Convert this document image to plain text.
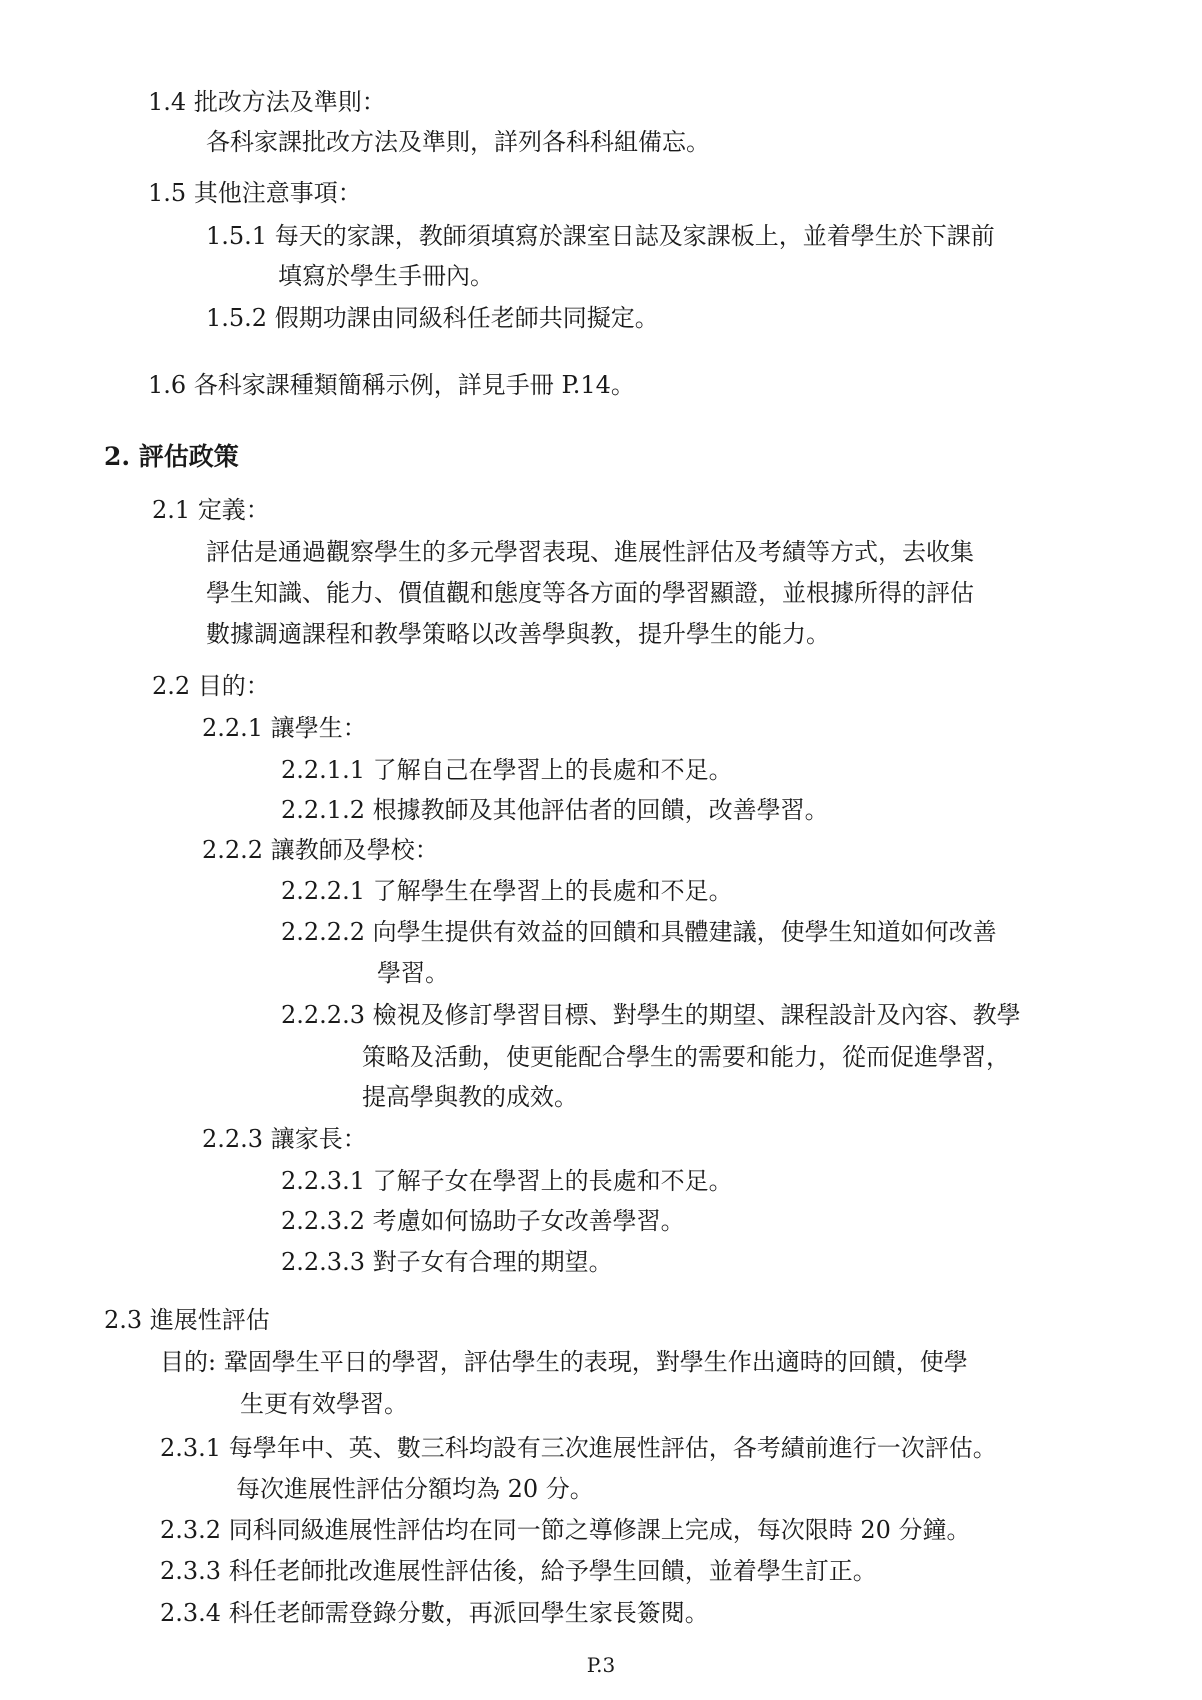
1.4 批改方法及準則：
各科家課批改方法及準則，詳列各科科組備忘。
1.5 其他注意事項：
1.5.1 每天的家課，教師須填寫於課室日誌及家課板上，並着學生於下課前
填寫於學生手冊內。
1.5.2 假期功課由同級科任老師共同擬定。
1.6 各科家課種類簡稱示例，詳見手冊 P.14。
2. 評估政策
2.1 定義：
評估是通過觀察學生的多元學習表現、進展性評估及考績等方式，去收集
學生知識、能力、價值觀和態度等各方面的學習顯證，並根據所得的評估
數據調適課程和教學策略以改善學與教，提升學生的能力。
2.2 目的：
2.2.1 讓學生：
2.2.1.1 了解自己在學習上的長處和不足。
2.2.1.2 根據教師及其他評估者的回饋，改善學習。
2.2.2 讓教師及學校：
2.2.2.1 了解學生在學習上的長處和不足。
2.2.2.2 向學生提供有效益的回饋和具體建議，使學生知道如何改善
學習。
2.2.2.3 檢視及修訂學習目標、對學生的期望、課程設計及內容、教學
策略及活動，使更能配合學生的需要和能力，從而促進學習，
提高學與教的成效。
2.2.3 讓家長：
2.2.3.1 了解子女在學習上的長處和不足。
2.2.3.2 考慮如何協助子女改善學習。
2.2.3.3 對子女有合理的期望。
2.3 進展性評估
目的: 鞏固學生平日的學習，評估學生的表現，對學生作出適時的回饋，使學
生更有效學習。
2.3.1 每學年中、英、數三科均設有三次進展性評估，各考績前進行一次評估。
每次進展性評估分額均為 20 分。
2.3.2 同科同級進展性評估均在同一節之導修課上完成，每次限時 20 分鐘。
2.3.3 科任老師批改進展性評估後，給予學生回饋，並着學生訂正。
2.3.4 科任老師需登錄分數，再派回學生家長簽閱。
P.3
